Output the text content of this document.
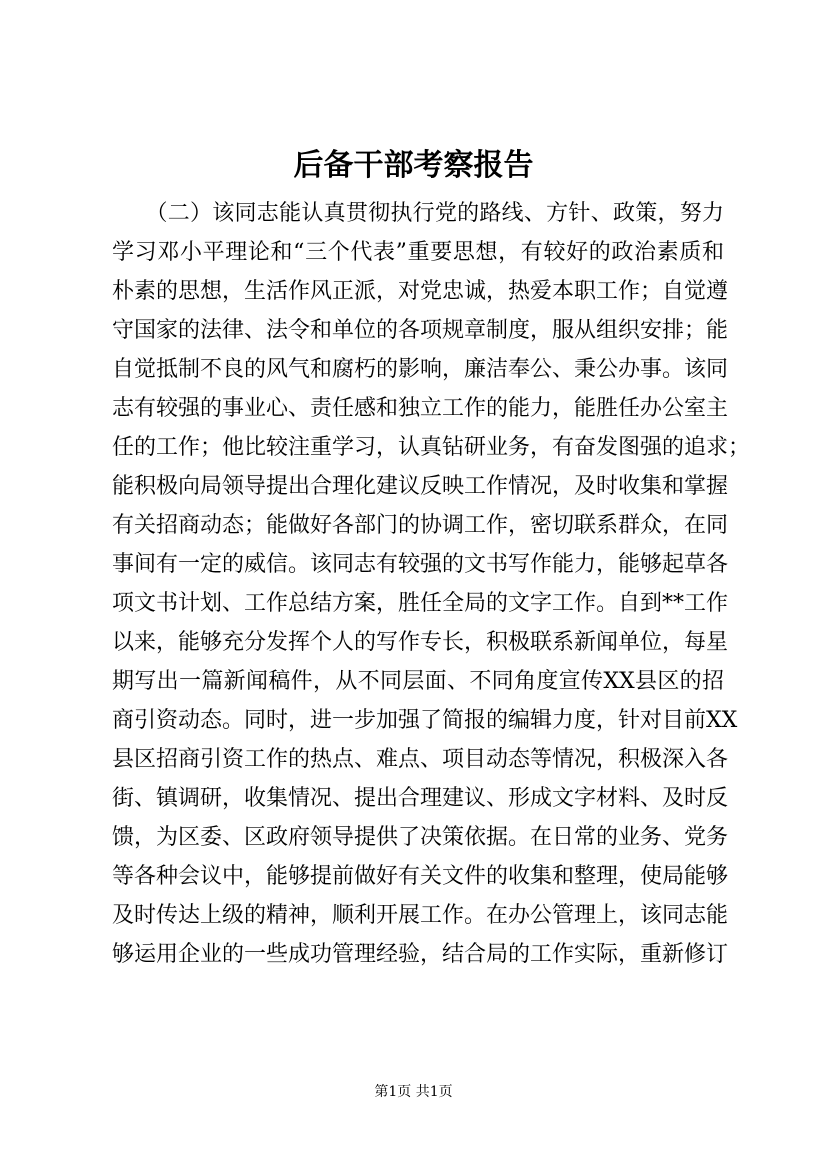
后备干部考察报告
　　（二）该同志能认真贯彻执行党的路线、方针、政策，努力
学习邓小平理论和“三个代表”重要思想，有较好的政治素质和
朴素的思想，生活作风正派，对党忠诚，热爱本职工作；自觉遵
守国家的法律、法令和单位的各项规章制度，服从组织安排；能
自觉抵制不良的风气和腐朽的影响，廉洁奉公、秉公办事。该同
志有较强的事业心、责任感和独立工作的能力，能胜任办公室主
任的工作；他比较注重学习，认真钻研业务，有奋发图强的追求；
能积极向局领导提出合理化建议反映工作情况，及时收集和掌握
有关招商动态；能做好各部门的协调工作，密切联系群众，在同
事间有一定的威信。该同志有较强的文书写作能力，能够起草各
项文书计划、工作总结方案，胜任全局的文字工作。自到**工作
以来，能够充分发挥个人的写作专长，积极联系新闻单位，每星
期写出一篇新闻稿件，从不同层面、不同角度宣传XX县区的招
商引资动态。同时，进一步加强了简报的编辑力度，针对目前XX
县区招商引资工作的热点、难点、项目动态等情况，积极深入各
街、镇调研，收集情况、提出合理建议、形成文字材料、及时反
馈，为区委、区政府领导提供了决策依据。在日常的业务、党务
等各种会议中，能够提前做好有关文件的收集和整理，使局能够
及时传达上级的精神，顺利开展工作。在办公管理上，该同志能
够运用企业的一些成功管理经验，结合局的工作实际，重新修订
第1页 共1页
